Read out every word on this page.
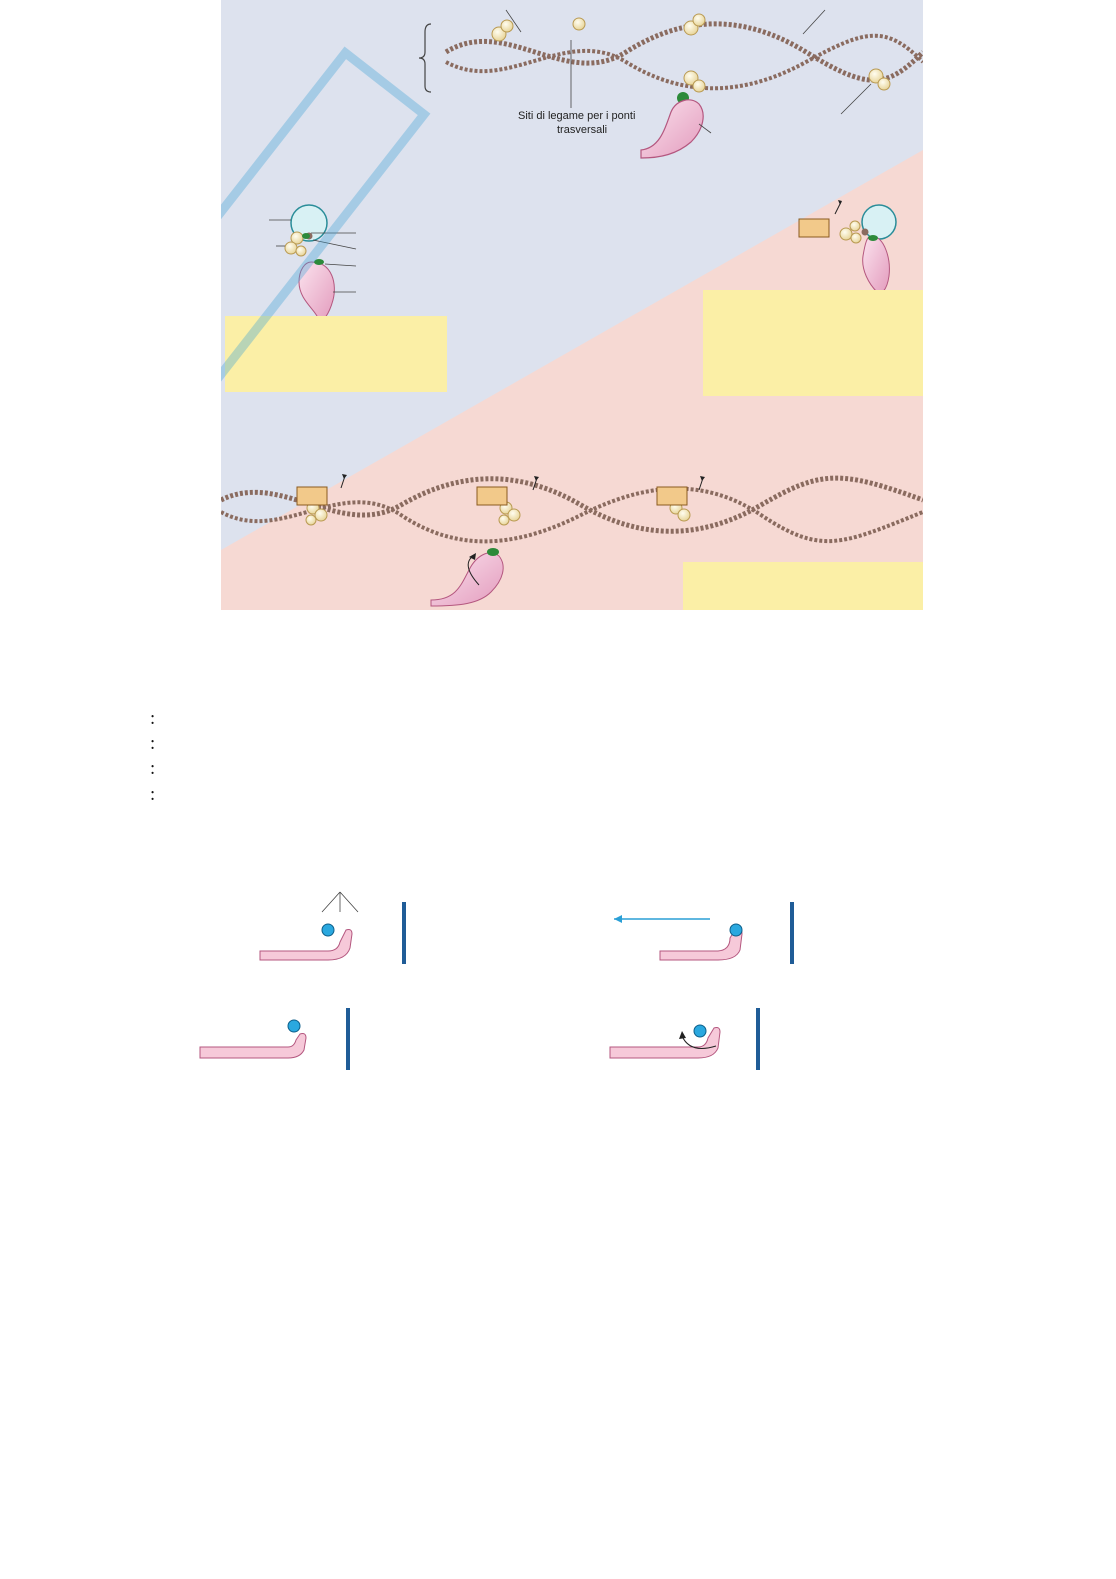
Siti di legame per i ponti
trasversali
:
:
:
:
